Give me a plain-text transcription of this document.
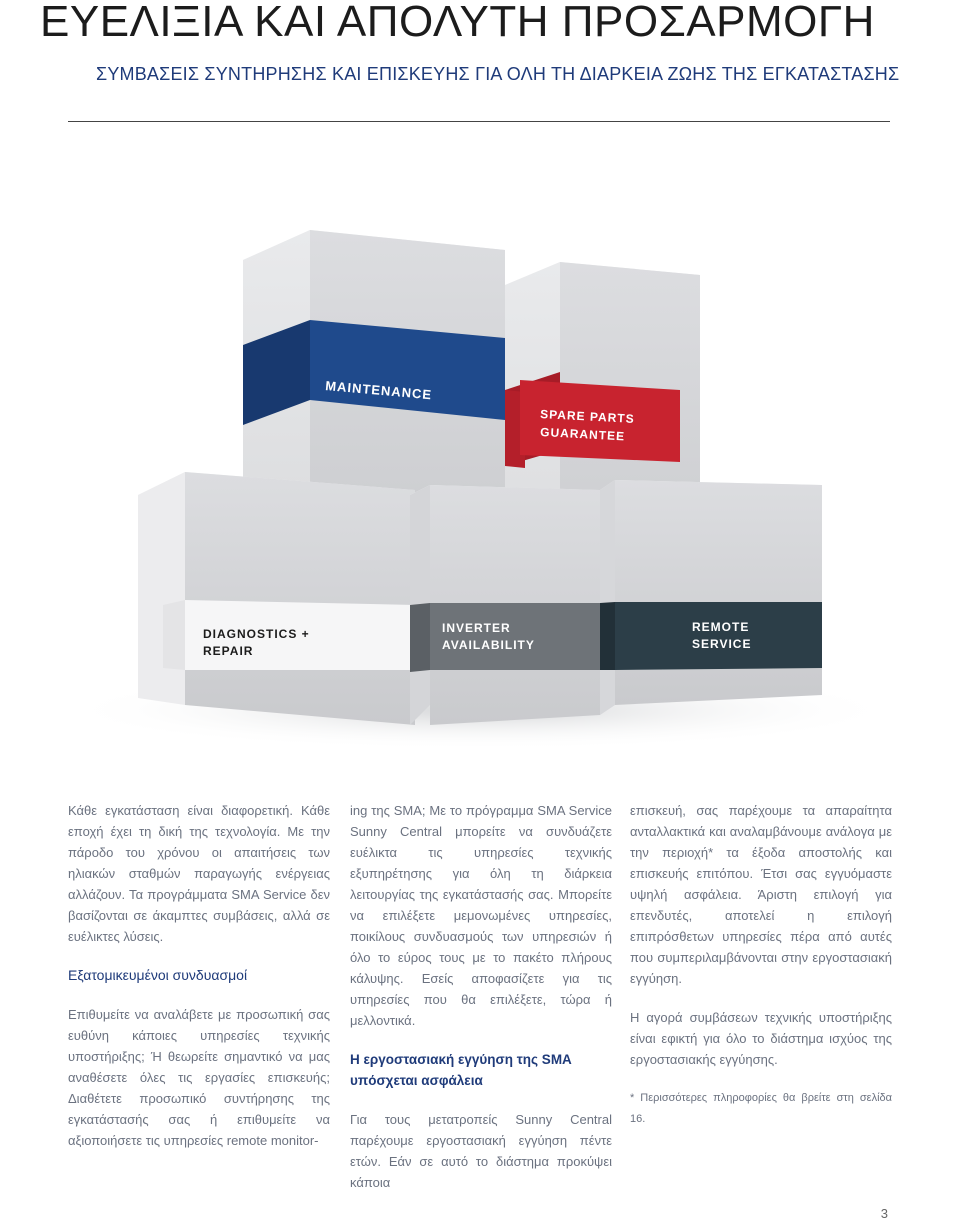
ΕΥΕΛΙΞΙΑ ΚΑΙ ΑΠΟΛΥΤΗ ΠΡΟΣΑΡΜΟΓΗ
ΣΥΜΒΑΣΕΙΣ ΣΥΝΤΗΡΗΣΗΣ ΚΑΙ ΕΠΙΣΚΕΥΗΣ ΓΙΑ ΟΛΗ ΤΗ ΔΙΑΡΚΕΙΑ ΖΩΗΣ ΤΗΣ ΕΓΚΑΤΑΣΤΑΣΗΣ
MAINTENANCE
SPARE PARTS
GUARANTEE
DIAGNOSTICS +
REPAIR
INVERTER
AVAILABILITY
REMOTE
SERVICE

Κάθε εγκατάσταση είναι διαφορετική. Κάθε εποχή έχει τη δική της τεχνολογία. Με την πάροδο του χρόνου οι απαιτήσεις των ηλιακών σταθμών παραγωγής ενέργειας αλλάζουν. Τα προγράμματα SMA Service δεν βασίζονται σε άκαμπτες συμβάσεις, αλλά σε ευέλικτες λύσεις.

Εξατομικευμένοι συνδυασμοί

Επιθυμείτε να αναλάβετε με προσωπική σας ευθύνη κάποιες υπηρεσίες τεχνικής υποστήριξης; Ή θεωρείτε σημαντικό να μας αναθέσετε όλες τις εργασίες επισκευής; Διαθέτετε προσωπικό συντήρησης της εγκατάστασής σας ή επιθυμείτε να αξιοποιήσετε τις υπηρεσίες remote monitor-

ing της SMA; Με το πρόγραμμα SMA Service Sunny Central μπορείτε να συνδυάζετε ευέλικτα τις υπηρεσίες τεχνικής εξυπηρέτησης για όλη τη διάρκεια λειτουργίας της εγκατάστασής σας. Μπορείτε να επιλέξετε μεμονωμένες υπηρεσίες, ποικίλους συνδυασμούς των υπηρεσιών ή όλο το εύρος τους με το πακέτο πλήρους κάλυψης. Εσείς αποφασίζετε για τις υπηρεσίες που θα επιλέξετε, τώρα ή μελλοντικά.

Η εργοστασιακή εγγύηση της SMA υπόσχεται ασφάλεια

Για τους μετατροπείς Sunny Central παρέχουμε εργοστασιακή εγγύηση πέντε ετών. Εάν σε αυτό το διάστημα προκύψει κάποια

επισκευή, σας παρέχουμε τα απαραίτητα ανταλλακτικά και αναλαμβάνουμε ανάλογα με την περιοχή* τα έξοδα αποστολής και επισκευής επιτόπου. Έτσι σας εγγυόμαστε υψηλή ασφάλεια. Άριστη επιλογή για επενδυτές, αποτελεί η επιλογή επιπρόσθετων υπηρεσίες πέρα από αυτές που συμπεριλαμβάνονται στην εργοστασιακή εγγύηση.

Η αγορά συμβάσεων τεχνικής υποστήριξης είναι εφικτή για όλο το διάστημα ισχύος της εργοστασιακής εγγύησης.

* Περισσότερες πληροφορίες θα βρείτε στη σελίδα 16.

3
